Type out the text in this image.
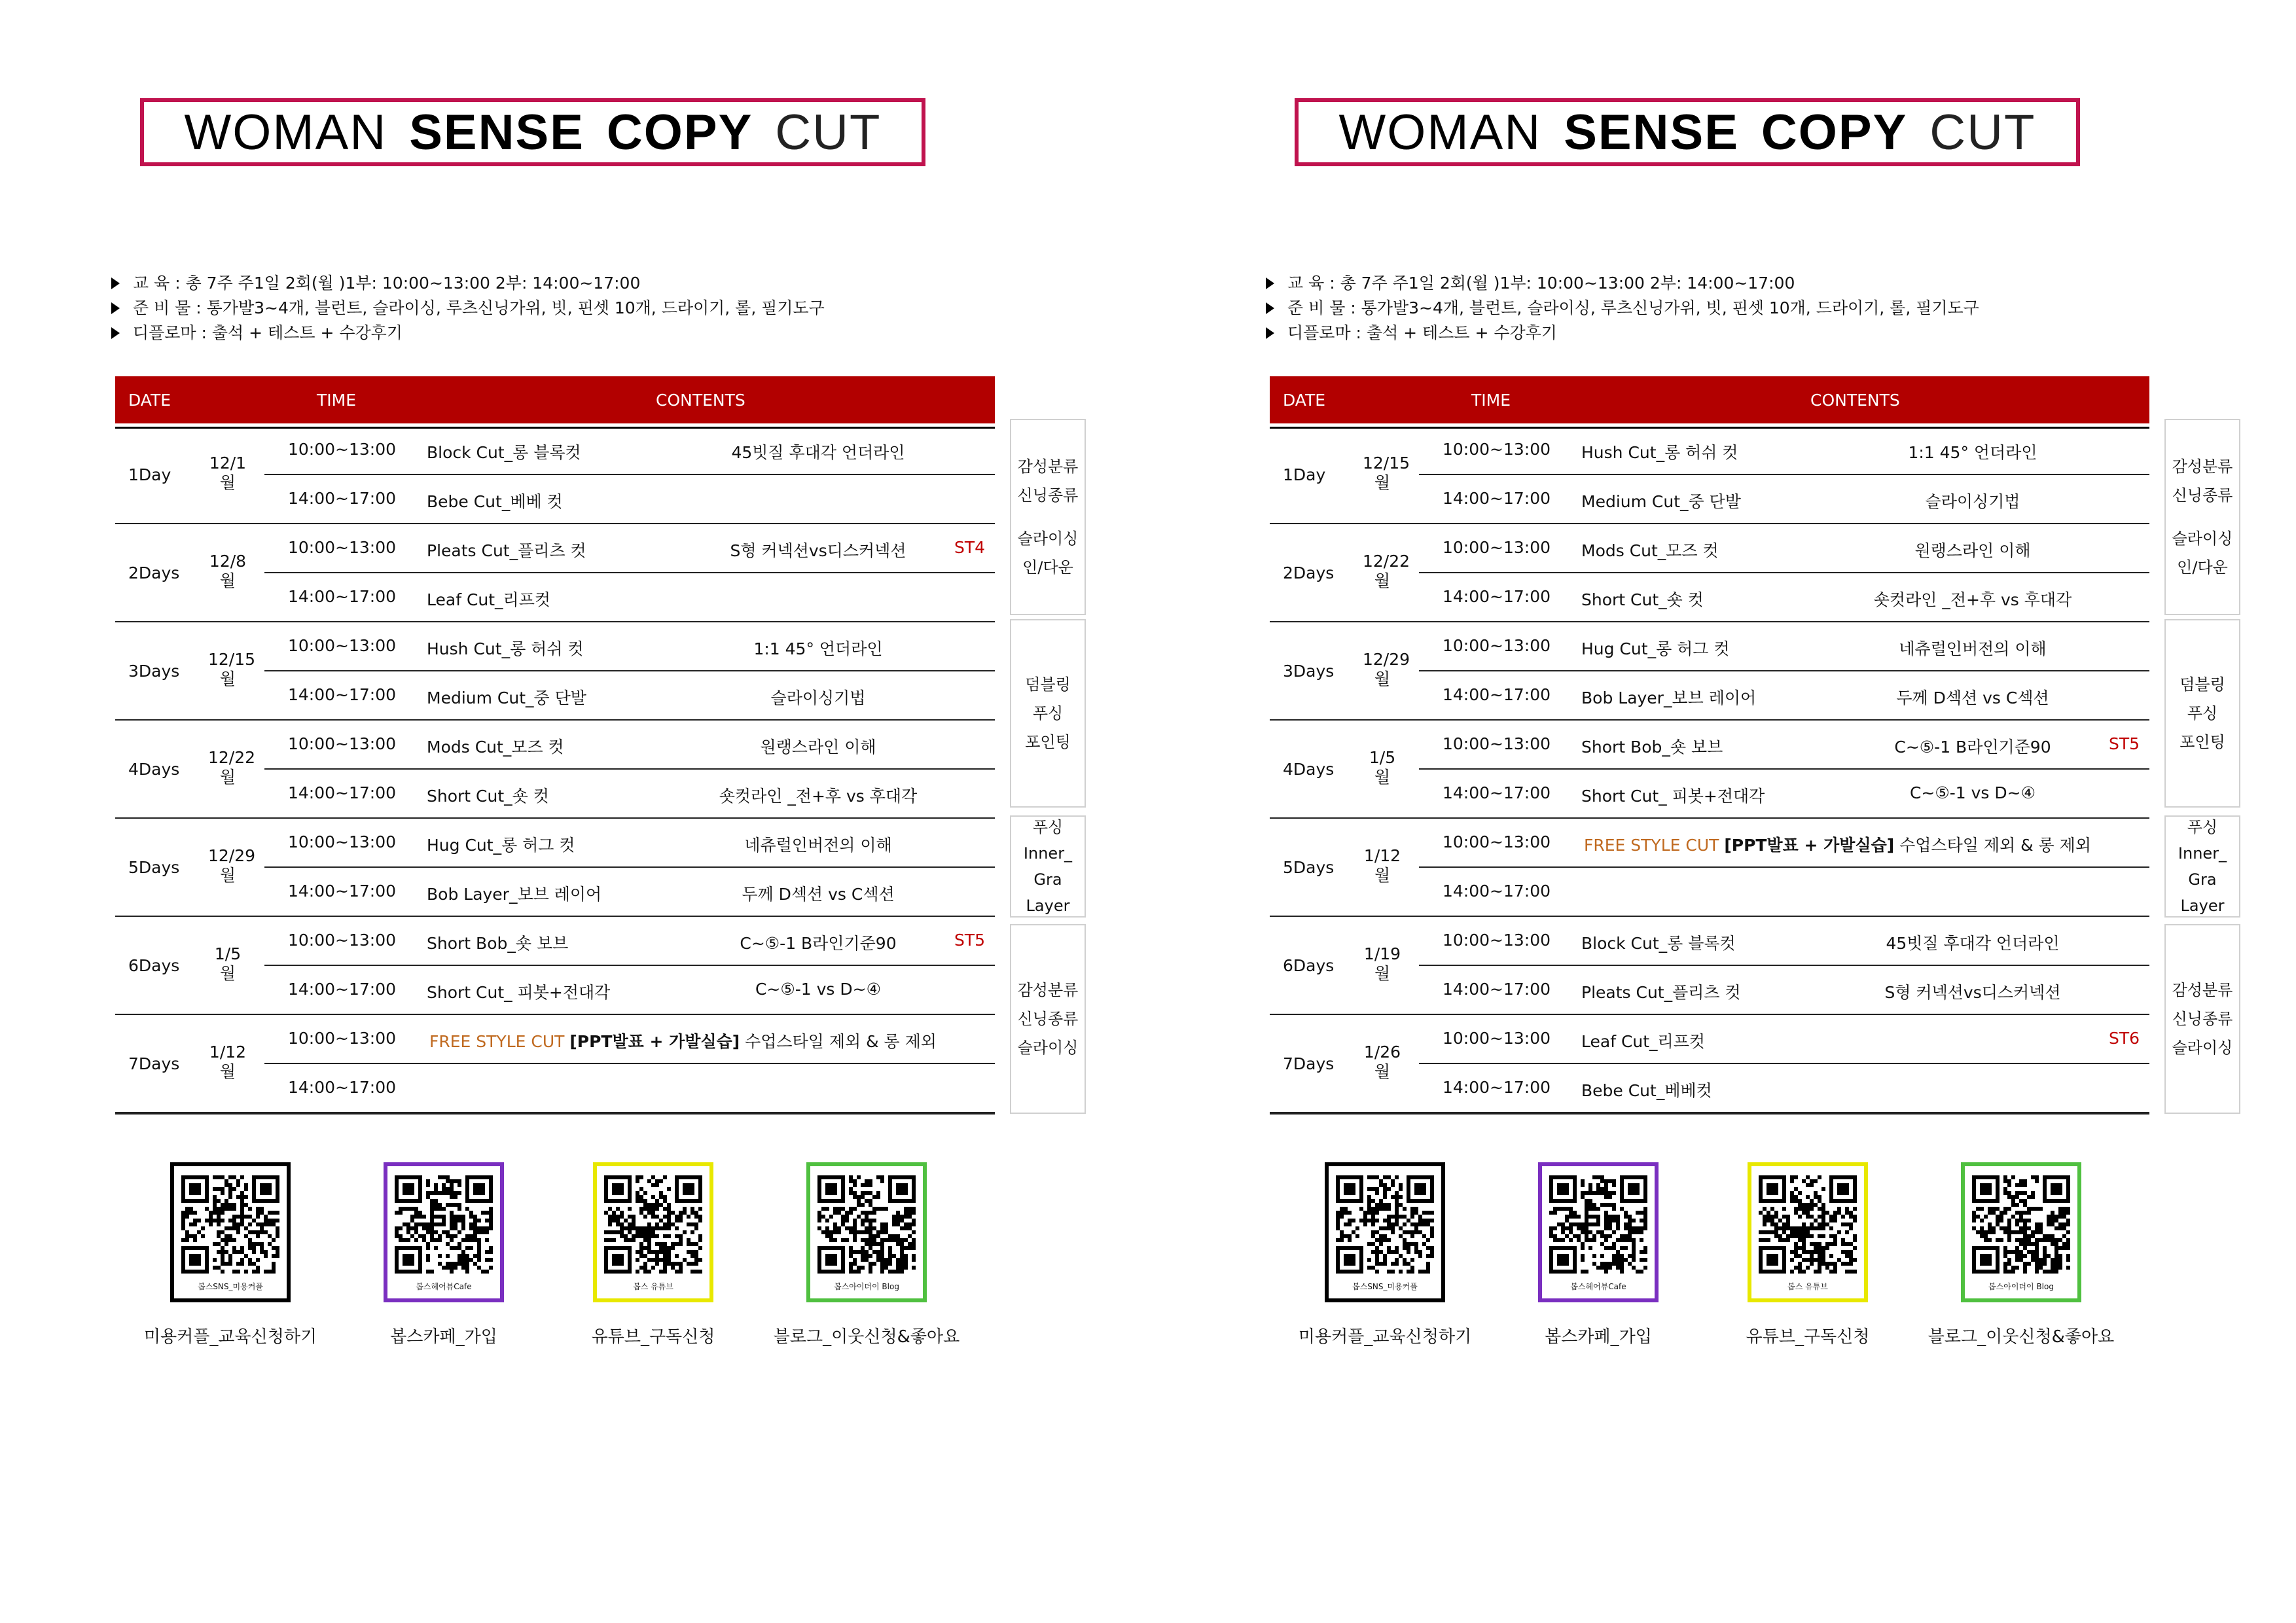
WOMAN SENSE COPY CUT
교 육 : 총 7주 주1일 2회(월 )1부: 10:00~13:00 2부: 14:00~17:00
준 비 물 : 통가발3~4개, 블런트, 슬라이싱, 루츠신닝가위, 빗, 핀셋 10개, 드라이기, 롤, 필기도구
디플로마 : 출석 + 테스트 + 수강후기
DATE	TIME	CONTENTS
1Day
12/1
월
10:00~13:00 Block Cut_롱 블록컷	45빗질 후대각 언더라인
14:00~17:00 Bebe Cut_베베 컷
2Days
12/8
월
10:00~13:00 Pleats Cut_플리츠 컷	S형 커넥션vs디스커넥션	ST4
14:00~17:00 Leaf Cut_리프컷
3Days
12/15
월
10:00~13:00 Hush Cut_롱 허쉬 컷	1:1 45° 언더라인
14:00~17:00 Medium Cut_중 단발	슬라이싱기법
4Days
12/22
월
10:00~13:00 Mods Cut_모즈 컷	원랭스라인 이해
14:00~17:00 Short Cut_숏 컷	숏컷라인 _전+후 vs 후대각
5Days
12/29
월
10:00~13:00 Hug Cut_롱 허그 컷	네츄럴인버전의 이해
14:00~17:00 Bob Layer_보브 레이어	두께 D섹션 vs C섹션
6Days
1/5
월
10:00~13:00 Short Bob_숏 보브	C~⑤-1 B라인기준90	ST5
14:00~17:00 Short Cut_ 피봇+전대각	C~⑤-1 vs D~④
7Days
1/12
월
10:00~13:00 FREE STYLE CUT [PPT발표 + 가발실습] 수업스타일 제외 & 롱 제외
14:00~17:00
감성분류
신닝종류
슬라이싱
인/다운
덤블링
푸싱
포인팅
푸싱
Inner_
Gra
Layer
감성분류
신닝종류
슬라이싱
봅스SNS_미용커플
미용커플_교육신청하기
봅스헤어뷰Cafe
봅스카페_가입
봅스 유튜브
유튜브_구독신청
봅스아이더이 Blog
블로그_이웃신청&좋아요
WOMAN SENSE COPY CUT
교 육 : 총 7주 주1일 2회(월 )1부: 10:00~13:00 2부: 14:00~17:00
준 비 물 : 통가발3~4개, 블런트, 슬라이싱, 루츠신닝가위, 빗, 핀셋 10개, 드라이기, 롤, 필기도구
디플로마 : 출석 + 테스트 + 수강후기
DATE	TIME	CONTENTS
1Day
12/15
월
10:00~13:00 Hush Cut_롱 허쉬 컷	1:1 45° 언더라인
14:00~17:00 Medium Cut_중 단발	슬라이싱기법
2Days
12/22
월
10:00~13:00 Mods Cut_모즈 컷	원랭스라인 이해
14:00~17:00 Short Cut_숏 컷	숏컷라인 _전+후 vs 후대각
3Days
12/29
월
10:00~13:00 Hug Cut_롱 허그 컷	네츄럴인버전의 이해
14:00~17:00 Bob Layer_보브 레이어	두께 D섹션 vs C섹션
4Days
1/5
월
10:00~13:00 Short Bob_숏 보브	C~⑤-1 B라인기준90	ST5
14:00~17:00 Short Cut_ 피봇+전대각	C~⑤-1 vs D~④
5Days
1/12
월
10:00~13:00 FREE STYLE CUT [PPT발표 + 가발실습] 수업스타일 제외 & 롱 제외
14:00~17:00
6Days
1/19
월
10:00~13:00 Block Cut_롱 블록컷	45빗질 후대각 언더라인
14:00~17:00 Pleats Cut_플리츠 컷	S형 커넥션vs디스커넥션
7Days
1/26
월
10:00~13:00 Leaf Cut_리프컷	ST6
14:00~17:00 Bebe Cut_베베컷
감성분류
신닝종류
슬라이싱
인/다운
덤블링
푸싱
포인팅
푸싱
Inner_
Gra
Layer
감성분류
신닝종류
슬라이싱
봅스SNS_미용커플
미용커플_교육신청하기
봅스헤어뷰Cafe
봅스카페_가입
봅스 유튜브
유튜브_구독신청
봅스아이더이 Blog
블로그_이웃신청&좋아요
